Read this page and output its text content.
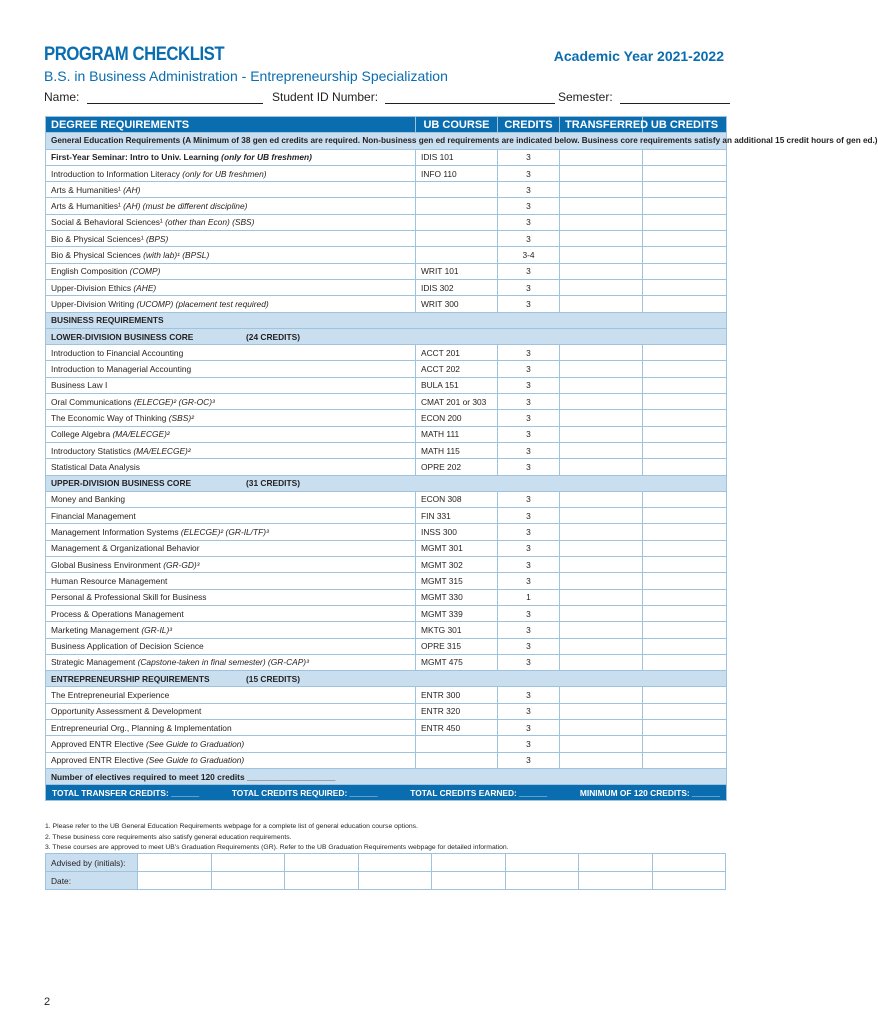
PROGRAM CHECKLIST	Academic Year 2021-2022
B.S. in Business Administration - Entrepreneurship Specialization
Name:	Student ID Number:	Semester:
DEGREE REQUIREMENTS	UB COURSE	CREDITS	TRANSFERRED	UB CREDITS
General Education Requirements (A Minimum of 38 gen ed credits are required. Non-business gen ed requirements are indicated below. Business core requirements satisfy an additional 15 credit hours of gen ed.)				
First-Year Seminar: Intro to Univ. Learning (only for UB freshmen)	IDIS 101	3		
Introduction to Information Literacy (only for UB freshmen)	INFO 110	3		
Arts & Humanities¹ (AH)		3		
Arts & Humanities¹ (AH) (must be different discipline)		3		
Social & Behavioral Sciences¹ (other than Econ) (SBS)		3		
Bio & Physical Sciences¹ (BPS)		3		
Bio & Physical Sciences (with lab)¹ (BPSL)		3-4		
English Composition (COMP)	WRIT 101	3		
Upper-Division Ethics (AHE)	IDIS 302	3		
Upper-Division Writing (UCOMP) (placement test required)	WRIT 300	3		
BUSINESS REQUIREMENTS				
LOWER-DIVISION BUSINESS CORE (24 CREDITS)				
Introduction to Financial Accounting	ACCT 201	3		
Introduction to Managerial Accounting	ACCT 202	3		
Business Law I	BULA 151	3		
Oral Communications (ELECGE)² (GR-OC)³	CMAT 201 or 303	3		
The Economic Way of Thinking (SBS)²	ECON 200	3		
College Algebra (MA/ELECGE)²	MATH 111	3		
Introductory Statistics (MA/ELECGE)²	MATH 115	3		
Statistical Data Analysis	OPRE 202	3		
UPPER-DIVISION BUSINESS CORE (31 CREDITS)				
Money and Banking	ECON 308	3		
Financial Management	FIN 331	3		
Management Information Systems (ELECGE)² (GR-IL/TF)³	INSS 300	3		
Management & Organizational Behavior	MGMT 301	3		
Global Business Environment (GR-GD)³	MGMT 302	3		
Human Resource Management	MGMT 315	3		
Personal & Professional Skill for Business	MGMT 330	1		
Process & Operations Management	MGMT 339	3		
Marketing Management (GR-IL)³	MKTG 301	3		
Business Application of Decision Science	OPRE 315	3		
Strategic Management (Capstone-taken in final semester) (GR-CAP)³	MGMT 475	3		
ENTREPRENEURSHIP REQUIREMENTS (15 CREDITS)				
The Entrepreneurial Experience	ENTR 300	3		
Opportunity Assessment & Development	ENTR 320	3		
Entrepreneurial Org., Planning & Implementation	ENTR 450	3		
Approved ENTR Elective (See Guide to Graduation)		3		
Approved ENTR Elective (See Guide to Graduation)		3		
Number of electives required to meet 120 credits ___________________				

TOTAL TRANSFER CREDITS: ______ TOTAL CREDITS REQUIRED: ______ TOTAL CREDITS EARNED: ______ MINIMUM OF 120 CREDITS: ______				
1. Please refer to the UB General Education Requirements webpage for a complete list of general education course options.
2. These business core requirements also satisfy general education requirements.
3. These courses are approved to meet UB's Graduation Requirements (GR). Refer to the UB Graduation Requirements webpage for detailed information.
Advised by (initials):								
Date:								
2
